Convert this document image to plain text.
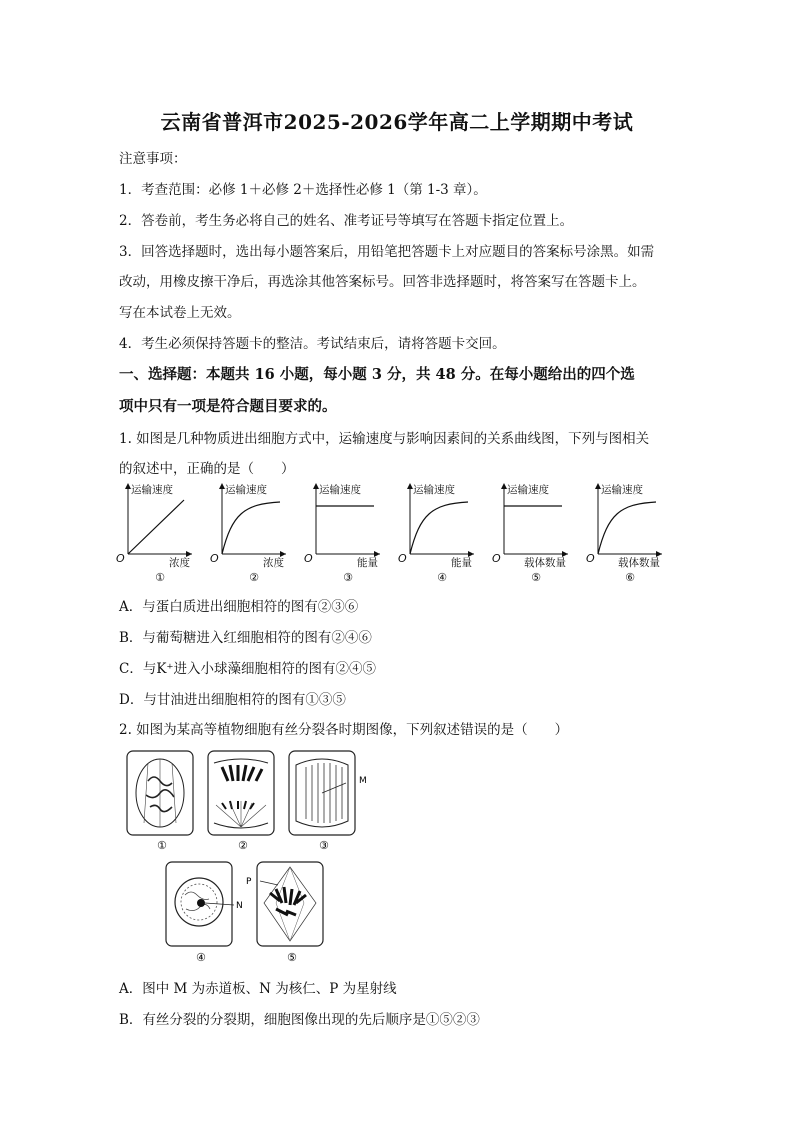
云南省普洱市2025-2026学年高二上学期期中考试
注意事项：
1．考查范围：必修 1＋必修 2＋选择性必修 1（第 1-3 章）。
2．答卷前，考生务必将自己的姓名、准考证号等填写在答题卡指定位置上。
3．回答选择题时，选出每小题答案后，用铅笔把答题卡上对应题目的答案标号涂黑。如需
改动，用橡皮擦干净后，再选涂其他答案标号。回答非选择题时，将答案写在答题卡上。
写在本试卷上无效。
4．考生必须保持答题卡的整洁。考试结束后，请将答题卡交回。
一、选择题：本题共 16 小题，每小题 3 分，共 48 分。在每小题给出的四个选
项中只有一项是符合题目要求的。
1. 如图是几种物质进出细胞方式中，运输速度与影响因素间的关系曲线图，下列与图相关
的叙述中，正确的是（　　）
运输速度
O	浓度
①
运输速度
O	浓度
②
运输速度
O	能量
③
运输速度
O	能量
④
运输速度
O 载体数量
⑤
运输速度
O 载体数量
⑥
A．与蛋白质进出细胞相符的图有②③⑥
B．与葡萄糖进入红细胞相符的图有②④⑥
C．与K⁺进入小球藻细胞相符的图有②④⑤
D．与甘油进出细胞相符的图有①③⑤
2. 如图为某高等植物细胞有丝分裂各时期图像，下列叙述错误的是（　　）
①	②
M
③
N
④
P
⑤
A．图中 M 为赤道板、N 为核仁、P 为星射线
B．有丝分裂的分裂期，细胞图像出现的先后顺序是①⑤②③
